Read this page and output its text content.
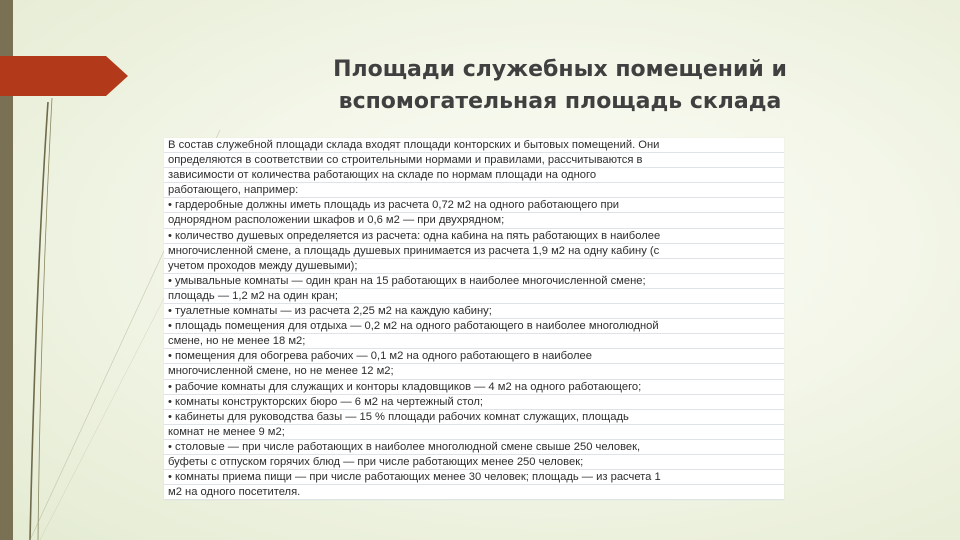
Площади служебных помещений и
вспомогательная площадь склада
В состав служебной площади склада входят площади конторских и бытовых помещений. Они
определяются в соответствии со строительными нормами и правилами, рассчитываются в
зависимости от количества работающих на складе по нормам площади на одного
работающего, например:
• гардеробные должны иметь площадь из расчета 0,72 м2 на одного работающего при
однорядном расположении шкафов и 0,6 м2 — при двухрядном;
• количество душевых определяется из расчета: одна кабина на пять работающих в наиболее
многочисленной смене, а площадь душевых принимается из расчета 1,9 м2 на одну кабину (с
учетом проходов между душевыми);
• умывальные комнаты — один кран на 15 работающих в наиболее многочисленной смене;
площадь — 1,2 м2 на один кран;
• туалетные комнаты — из расчета 2,25 м2 на каждую кабину;
• площадь помещения для отдыха — 0,2 м2 на одного работающего в наиболее многолюдной
смене, но не менее 18 м2;
• помещения для обогрева рабочих — 0,1 м2 на одного работающего в наиболее
многочисленной смене, но не менее 12 м2;
• рабочие комнаты для служащих и конторы кладовщиков — 4 м2 на одного работающего;
• комнаты конструкторских бюро — 6 м2 на чертежный стол;
• кабинеты для руководства базы — 15 % площади рабочих комнат служащих, площадь
комнат не менее 9 м2;
• столовые — при числе работающих в наиболее многолюдной смене свыше 250 человек,
буфеты с отпуском горячих блюд — при числе работающих менее 250 человек;
• комнаты приема пищи — при числе работающих менее 30 человек; площадь — из расчета 1
м2 на одного посетителя.
